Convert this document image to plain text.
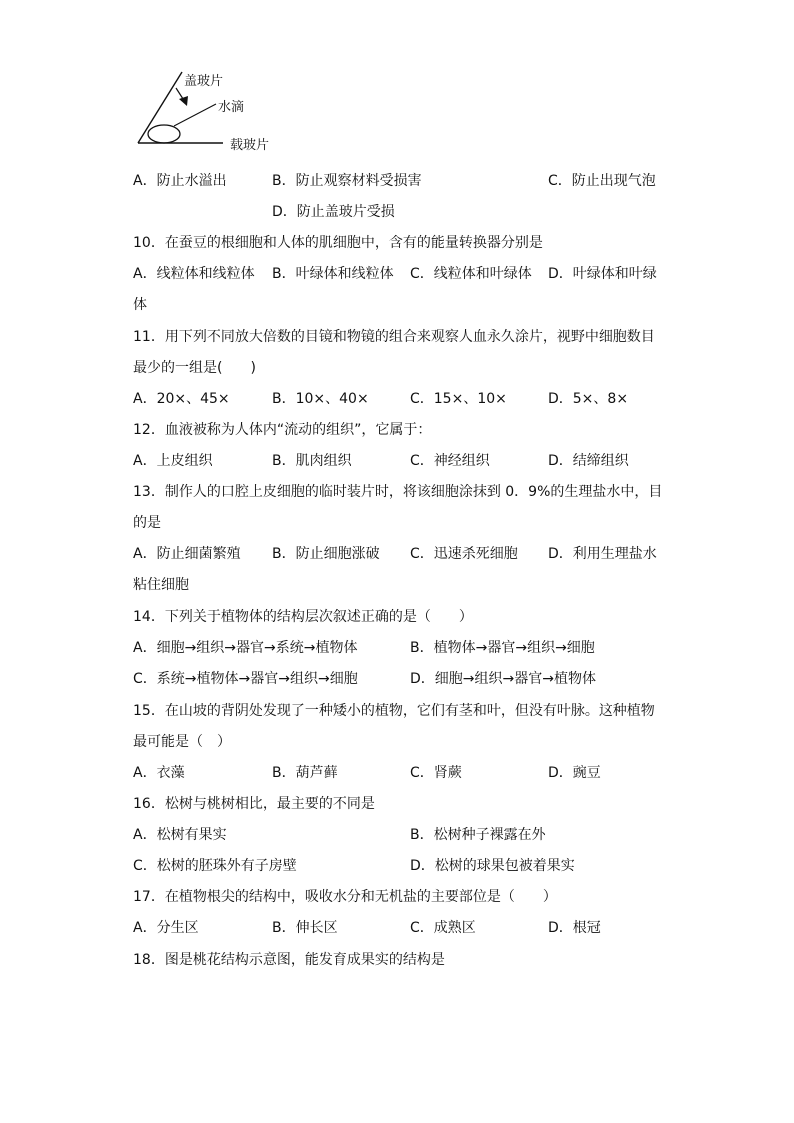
盖玻片
水滴
载玻片
A．防止水溢出	B．防止观察材料受损害	C．防止出现气泡
D．防止盖玻片受损
10．在蚕豆的根细胞和人体的肌细胞中，含有的能量转换器分别是
A．线粒体和线粒体 B．叶绿体和线粒体 C．线粒体和叶绿体 D．叶绿体和叶绿
体
11．用下列不同放大倍数的目镜和物镜的组合来观察人血永久涂片，视野中细胞数目
最少的一组是(　　)
A．20×、45×	B．10×、40×	C．15×、10×	D．5×、8×
12．血液被称为人体内“流动的组织”，它属于：
A．上皮组织	B．肌肉组织	C．神经组织	D．结缔组织
的是
13．制作人的口腔上皮细胞的临时装片时，将该细胞涂抹到 0．9%的生理盐水中，目
A．防止细菌繁殖 B．防止细胞涨破 C．迅速杀死细胞 D．利用生理盐水
粘住细胞
14．下列关于植物体的结构层次叙述正确的是（　　）
A．细胞→组织→器官→系统→植物体	B．植物体→器官→组织→细胞
C．系统→植物体→器官→组织→细胞	D．细胞→组织→器官→植物体
15．在山坡的背阴处发现了一种矮小的植物，它们有茎和叶，但没有叶脉。这种植物
最可能是（　）
A．衣藻	B．葫芦藓	C．肾蕨	D．豌豆
16．松树与桃树相比，最主要的不同是
A．松树有果实	B．松树种子裸露在外
C．松树的胚珠外有子房壁	D．松树的球果包被着果实
17．在植物根尖的结构中，吸收水分和无机盐的主要部位是（　　）
A．分生区	B．伸长区	C．成熟区	D．根冠
18．图是桃花结构示意图，能发育成果实的结构是
